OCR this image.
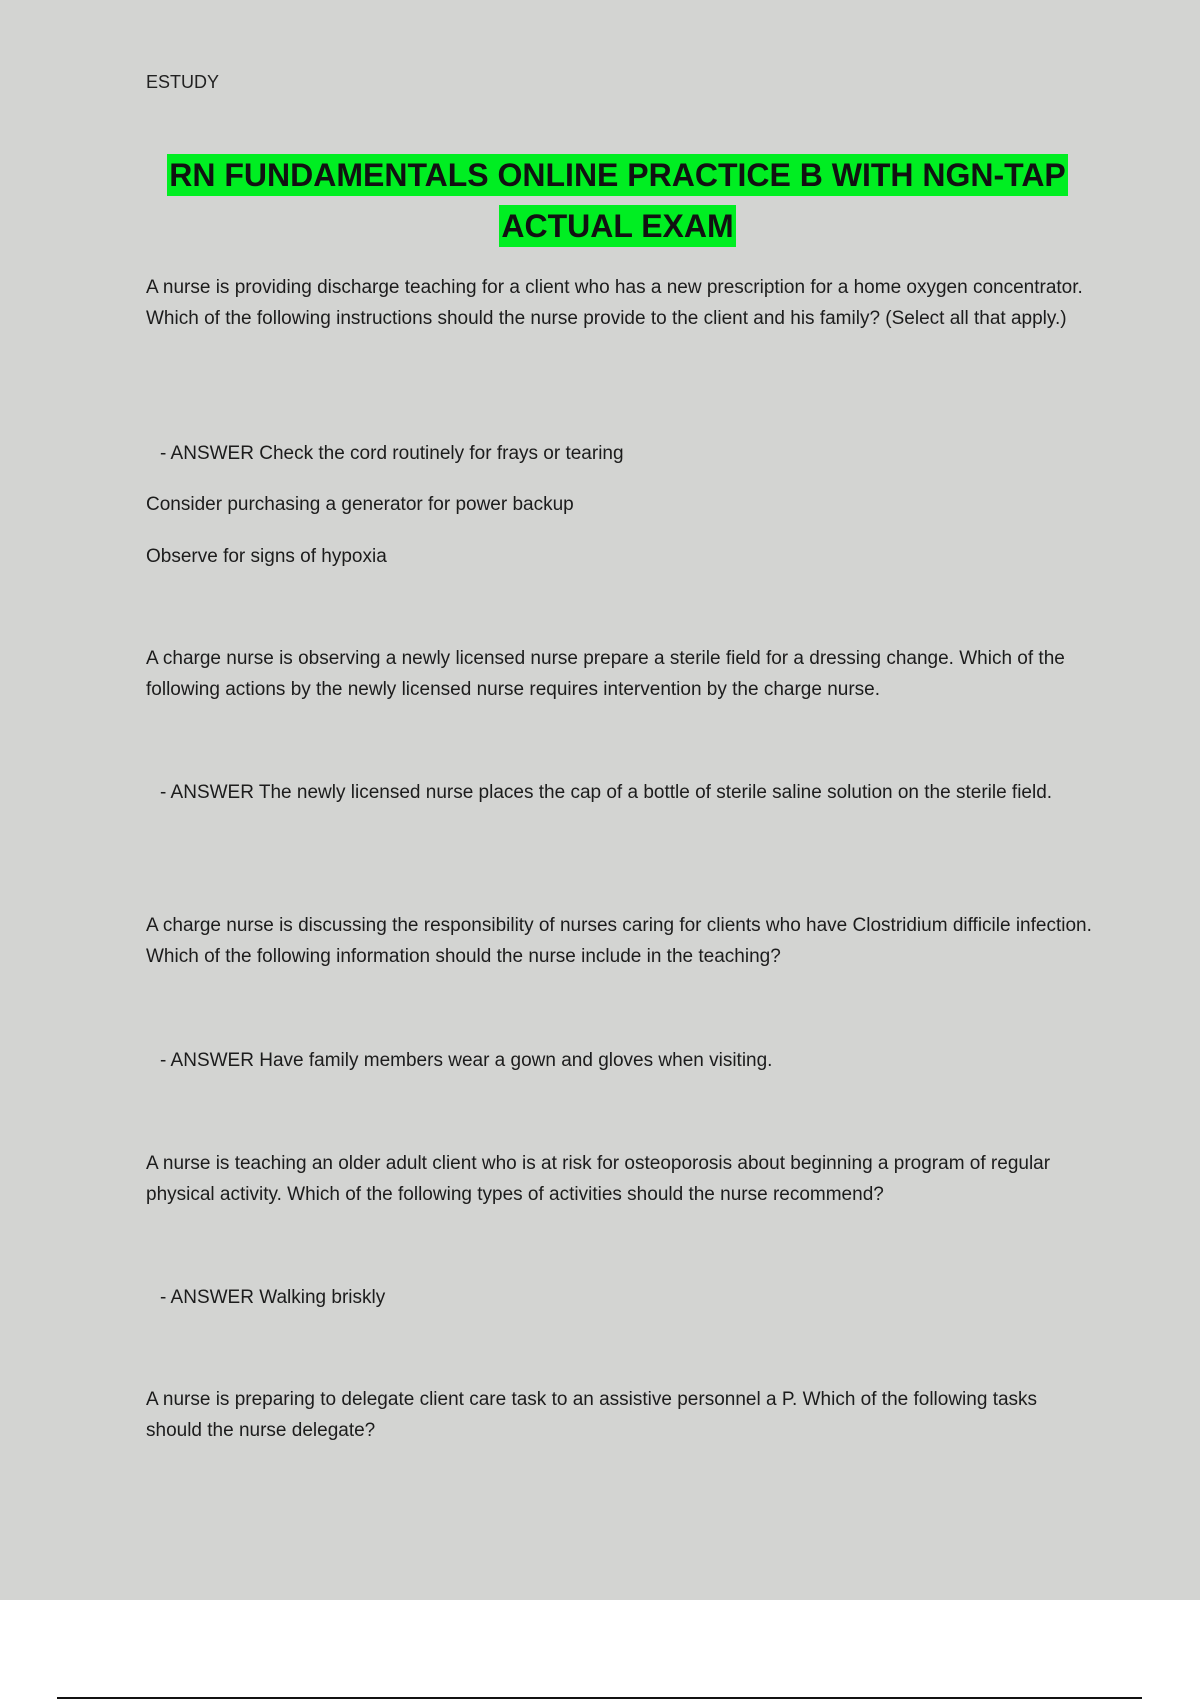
ESTUDY
RN FUNDAMENTALS ONLINE PRACTICE B WITH NGN-TAP
ACTUAL EXAM

A nurse is providing discharge teaching for a client who has a new prescription for a home oxygen concentrator. Which of the following instructions should the nurse provide to the client and his family? (Select all that apply.)

- ANSWER Check the cord routinely for frays or tearing

Consider purchasing a generator for power backup

Observe for signs of hypoxia

A charge nurse is observing a newly licensed nurse prepare a sterile field for a dressing change. Which of the following actions by the newly licensed nurse requires intervention by the charge nurse.

- ANSWER The newly licensed nurse places the cap of a bottle of sterile saline solution on the sterile field.

A charge nurse is discussing the responsibility of nurses caring for clients who have Clostridium difficile infection. Which of the following information should the nurse include in the teaching?

- ANSWER Have family members wear a gown and gloves when visiting.

A nurse is teaching an older adult client who is at risk for osteoporosis about beginning a program of regular physical activity. Which of the following types of activities should the nurse recommend?

- ANSWER Walking briskly

A nurse is preparing to delegate client care task to an assistive personnel a P. Which of the following tasks should the nurse delegate?
